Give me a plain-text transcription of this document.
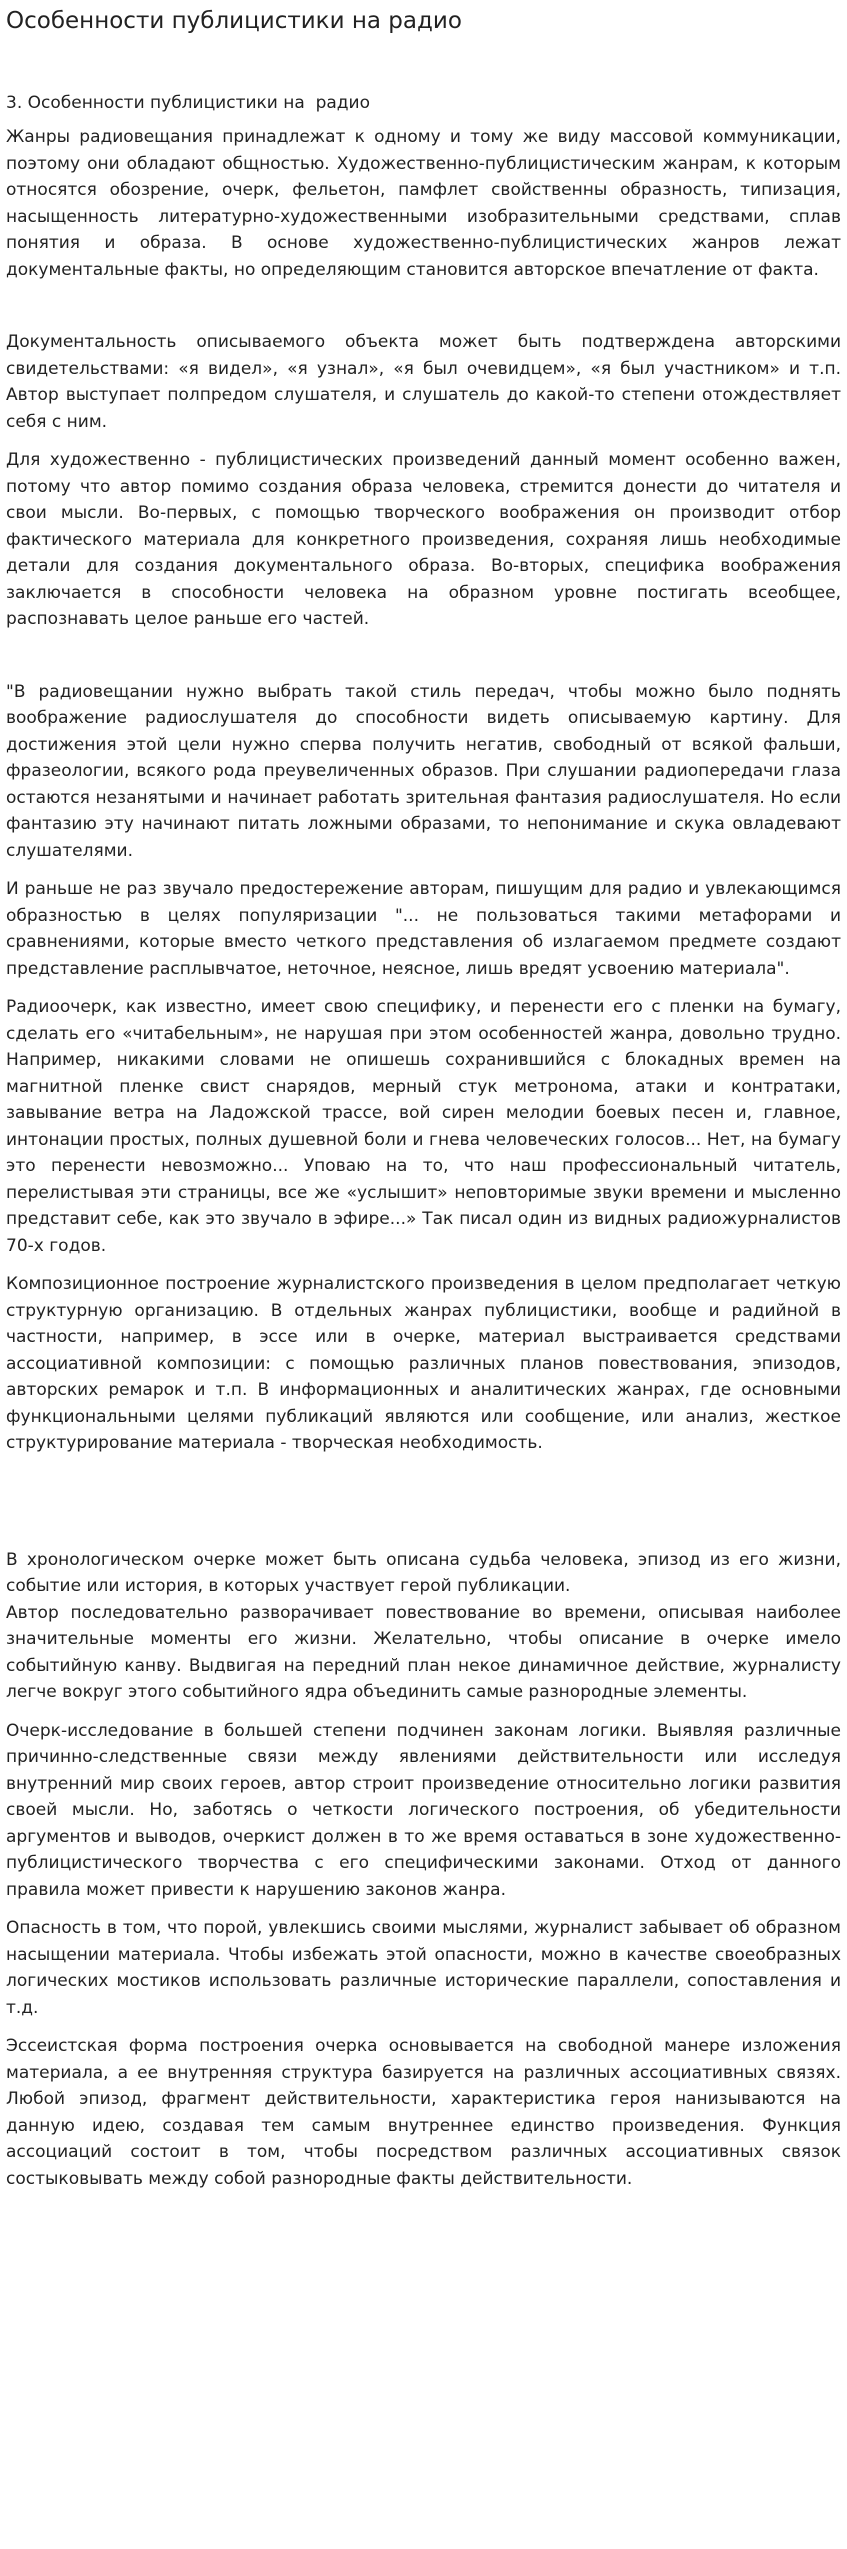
Особенности публицистики на радио
3. Особенности публицистики на  радио

Жанры радиовещания принадлежат к одному и тому же виду массовой коммуникации, поэтому они обладают общностью. Художественно-публицистическим жанрам, к которым относятся обозрение, очерк, фельетон, памфлет свойственны образность, типизация, насыщенность литературно-художественными изобразительными средствами, сплав понятия и образа. В основе художественно-публицистических жанров лежат документальные факты, но определяющим становится авторское впечатление от факта.

Документальность описываемого объекта может быть подтверждена авторскими свидетельствами: «я видел», «я узнал», «я был очевидцем», «я был участником» и т.п. Автор выступает полпредом слушателя, и слушатель до какой-то степени отождествляет себя с ним.

Для художественно - публицистических произведений данный момент особенно важен, потому что автор помимо создания образа человека, стремится донести до читателя и свои мысли. Во-первых, с помощью творческого воображения он производит отбор фактического материала для конкретного произведения, сохраняя лишь необходимые детали для создания документального образа. Во-вторых, специфика воображения заключается в способности человека на образном уровне постигать всеобщее, распознавать целое раньше его частей.

"В радиовещании нужно выбрать такой стиль передач, чтобы можно было поднять воображение радиослушателя до способности видеть описываемую картину. Для достижения этой цели нужно сперва получить негатив, свободный от всякой фальши, фразеологии, всякого рода преувеличенных образов. При слушании радиопередачи глаза остаются незанятыми и начинает работать зрительная фантазия радиослушателя. Но если фантазию эту начинают питать ложными образами, то непонимание и скука овладевают слушателями.

И раньше не раз звучало предостережение авторам, пишущим для радио и увлекающимся образностью в целях популяризации "... не пользоваться такими метафорами и сравнениями, которые вместо четкого представления об излагаемом предмете создают представление расплывчатое, неточное, неясное, лишь вредят усвоению материала".

Радиоочерк, как известно, имеет свою специфику, и перенести его с пленки на бумагу, сделать его «читабельным», не нарушая при этом особенностей жанра, довольно трудно. Например, никакими словами не опишешь сохранившийся с блокадных времен на магнитной пленке свист снарядов, мерный стук метронома, атаки и контратаки, завывание ветра на Ладожской трассе, вой сирен мелодии боевых песен и, главное, интонации простых, полных душевной боли и гнева человеческих голосов... Нет, на бумагу это перенести невозможно... Уповаю на то, что наш профессиональный читатель, перелистывая эти страницы, все же «услышит» неповторимые звуки времени и мысленно представит себе, как это звучало в эфире...» Так писал один из видных радиожурналистов 70-х годов.

Композиционное построение журналистского произведения в целом предполагает четкую структурную организацию. В отдельных жанрах публицистики, вообще и радийной в частности, например, в эссе или в очерке, материал выстраивается средствами ассоциативной композиции: с помощью различных планов повествования, эпизодов, авторских ремарок и т.п. В информационных и аналитических жанрах, где основными функциональными целями публикаций являются или сообщение, или анализ, жесткое структурирование материала - творческая необходимость.

В хронологическом очерке может быть описана судьба человека, эпизод из его жизни, событие или история, в которых участвует герой публикации.

Автор последовательно разворачивает повествование во времени, описывая наиболее значительные моменты его жизни. Желательно, чтобы описание в очерке имело событийную канву. Выдвигая на передний план некое динамичное действие, журналисту легче вокруг этого событийного ядра объединить самые разнородные элементы.

Очерк-исследование в большей степени подчинен законам логики. Выявляя различные причинно-следственные связи между явлениями действительности или исследуя внутренний мир своих героев, автор строит произведение относительно логики развития своей мысли. Но, заботясь о четкости логического построения, об убедительности аргументов и выводов, очеркист должен в то же время оставаться в зоне художественно-публицистического творчества с его специфическими законами. Отход от данного правила может привести к нарушению законов жанра.

Опасность в том, что порой, увлекшись своими мыслями, журналист забывает об образном насыщении материала. Чтобы избежать этой опасности, можно в качестве своеобразных логических мостиков использовать различные исторические параллели, сопоставления и т.д.

Эссеистская форма построения очерка основывается на свободной манере изложения материала, а ее внутренняя структура базируется на различных ассоциативных связях. Любой эпизод, фрагмент действительности, характеристика героя нанизываются на данную идею, создавая тем самым внутреннее единство произведения. Функция ассоциаций состоит в том, чтобы посредством различных ассоциативных связок состыковывать между собой разнородные факты действительности.
